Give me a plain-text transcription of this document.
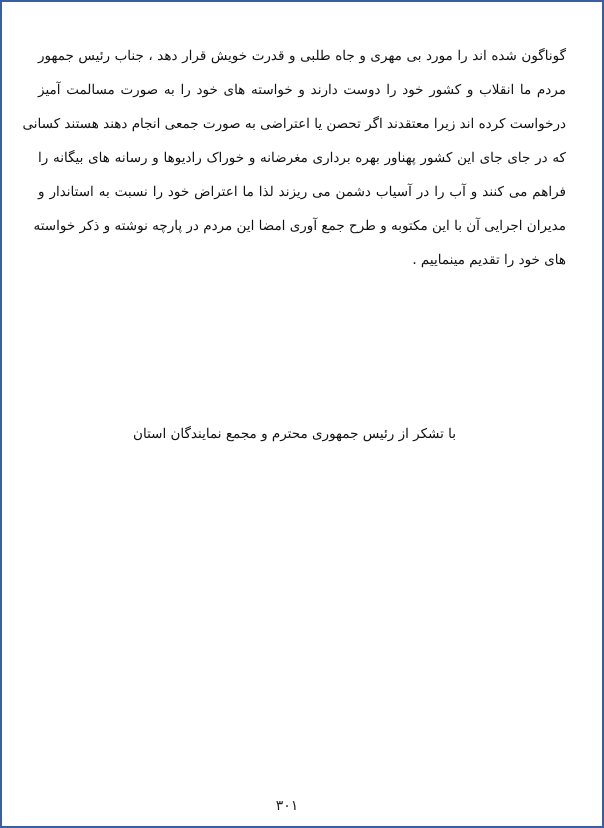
گوناگون شده اند را مورد بی مهری و جاه طلبی و قدرت خویش قرار دهد ، جناب رئیس جمهور

مردم ما انقلاب و کشور خود را دوست دارند و خواسته های خود را به صورت مسالمت آمیز

درخواست کرده اند زیرا معتقدند اگر تحصن یا اعتراضی به صورت جمعی انجام دهند هستند کسانی

که در جای جای این کشور پهناور بهره برداری مغرضانه و خوراک رادیوها و رسانه های بیگانه را

فراهم می کنند و آب را در آسیاب دشمن می ریزند لذا ما اعتراض خود را نسبت به استاندار و

مدیران اجرایی آن با این مکتوبه و طرح جمع آوری امضا این مردم در پارچه نوشته و ذکر خواسته

های خود را تقدیم مینماییم .

با تشکر از رئیس جمهوری محترم و مجمع نمایندگان استان

۳۰۱
